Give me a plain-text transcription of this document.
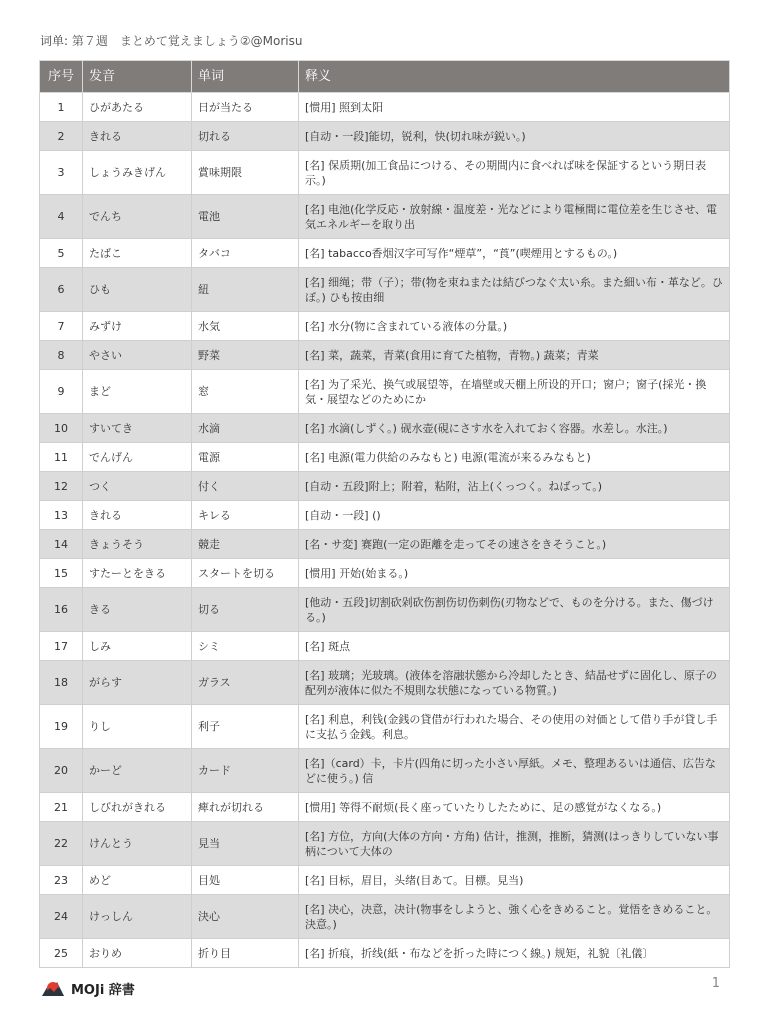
词单: 第７週　まとめて覚えましょう②@Morisu
序号	发音	单词	释义
1	ひがあたる	日が当たる	[惯用] 照到太阳
2	きれる	切れる	[自动・一段]能切，锐利，快(切れ味が鋭い。)
3	しょうみきげん	賞味期限	[名] 保质期(加工食品につける、その期間内に食べれば味を保証するという期日表示。)
4	でんち	電池	[名] 电池(化学反応・放射線・温度差・光などにより電極間に電位差を生じさせ、電気エネルギーを取り出
5	たばこ	タバコ	[名] tabacco香烟汉字可写作“煙草”，“莨”(喫煙用とするもの。)
6	ひも	紐	[名] 细绳；带（子）；带(物を束ねまたは結びつなぐ太い糸。また細い布・革など。ひぼ。) ひも按由细
7	みずけ	水気	[名] 水分(物に含まれている液体の分量。)
8	やさい	野菜	[名] 菜，蔬菜，青菜(食用に育てた植物，青物。) 蔬菜；青菜
9	まど	窓	[名] 为了采光、换气或展望等，在墙壁或天棚上所设的开口；窗户；窗子(採光・換気・展望などのためにか
10	すいてき	水滴	[名] 水滴(しずく。) 砚水壶(硯にさす水を入れておく容器。水差し。水注。)
11	でんげん	電源	[名] 电源(電力供給のみなもと) 电源(電流が来るみなもと)
12	つく	付く	[自动・五段]附上；附着，粘附，沾上(くっつく。ねばって。)
13	きれる	キレる	[自动・一段] ()
14	きょうそう	競走	[名・サ変] 赛跑(一定の距離を走ってその速さをきそうこと。)
15	すたーとをきる	スタートを切る	[惯用] 开始(始まる。)
16	きる	切る	[他动・五段]切割砍剁砍伤割伤切伤刺伤(刃物などで、ものを分ける。また、傷づける。)
17	しみ	シミ	[名] 斑点
18	がらす	ガラス	[名] 玻璃；光玻璃。(液体を溶融状態から冷却したとき、結晶せずに固化し、原子の配列が液体に似た不規則な状態になっている物質。)
19	りし	利子	[名] 利息，利钱(金銭の貸借が行われた場合、その使用の対価として借り手が貸し手に支払う金銭。利息。
20	かーど	カード	[名]（card）卡，卡片(四角に切った小さい厚紙。メモ、整理あるいは通信、広告などに使う。) 信
21	しびれがきれる	痺れが切れる	[惯用] 等得不耐烦(長く座っていたりしたために、足の感覚がなくなる。)
22	けんとう	見当	[名] 方位，方向(大体の方向・方角) 估计，推测，推断，猜测(はっきりしていない事柄について大体の
23	めど	目処	[名] 目标，眉目，头绪(目あて。目標。見当)
24	けっしん	決心	[名] 决心，决意，决计(物事をしようと、強く心をきめること。覚悟をきめること。決意。)
25	おりめ	折り目	[名] 折痕，折线(紙・布などを折った時につく線。) 规矩，礼貌〔礼儀〕
MOJi 辞書	1
